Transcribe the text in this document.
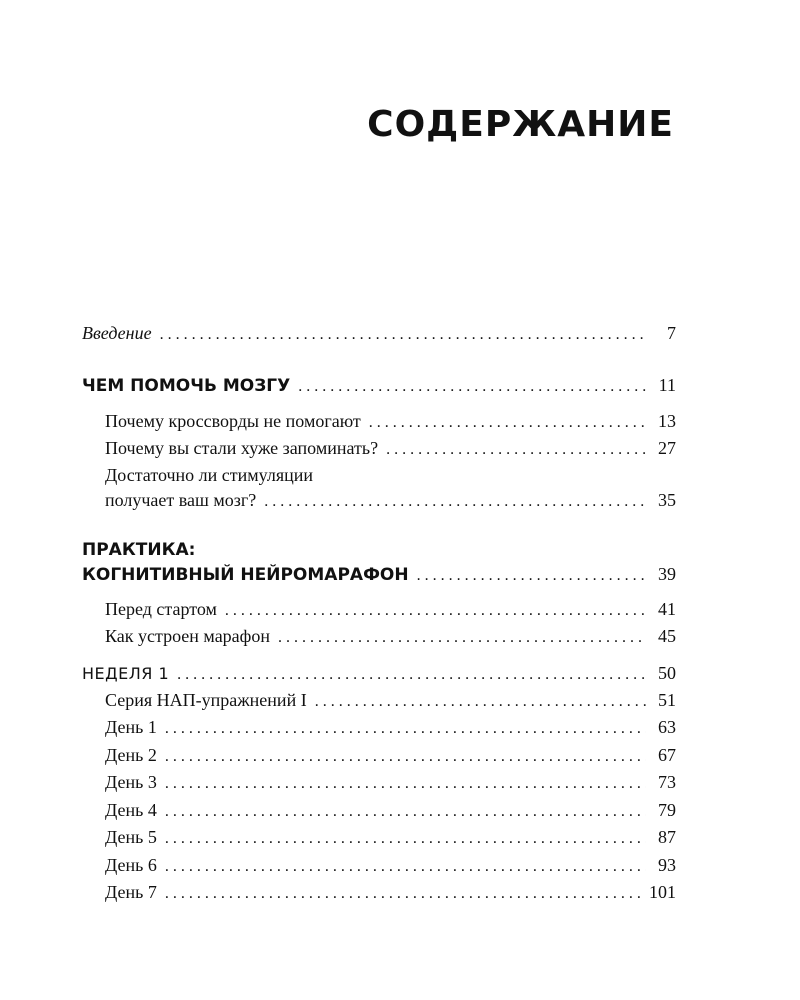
СОДЕРЖАНИЕ
Введение . . .	7
ЧЕМ ПОМОЧЬ МОЗГУ . . .	11
Почему кроссворды не помогают . . .	13
Почему вы стали хуже запоминать? . . .	27
Достаточно ли стимуляции
получает ваш мозг? . . .	35
ПРАКТИКА:
КОГНИТИВНЫЙ НЕЙРОМАРАФОН . . .	39
Перед стартом . . .	41
Как устроен марафон . . .	45
НЕДЕЛЯ 1 . . .	50
Серия НАП-упражнений I . . .	51
День 1 . . .	63
День 2 . . .	67
День 3 . . .	73
День 4 . . .	79
День 5 . . .	87
День 6 . . .	93
День 7 . . .	101
